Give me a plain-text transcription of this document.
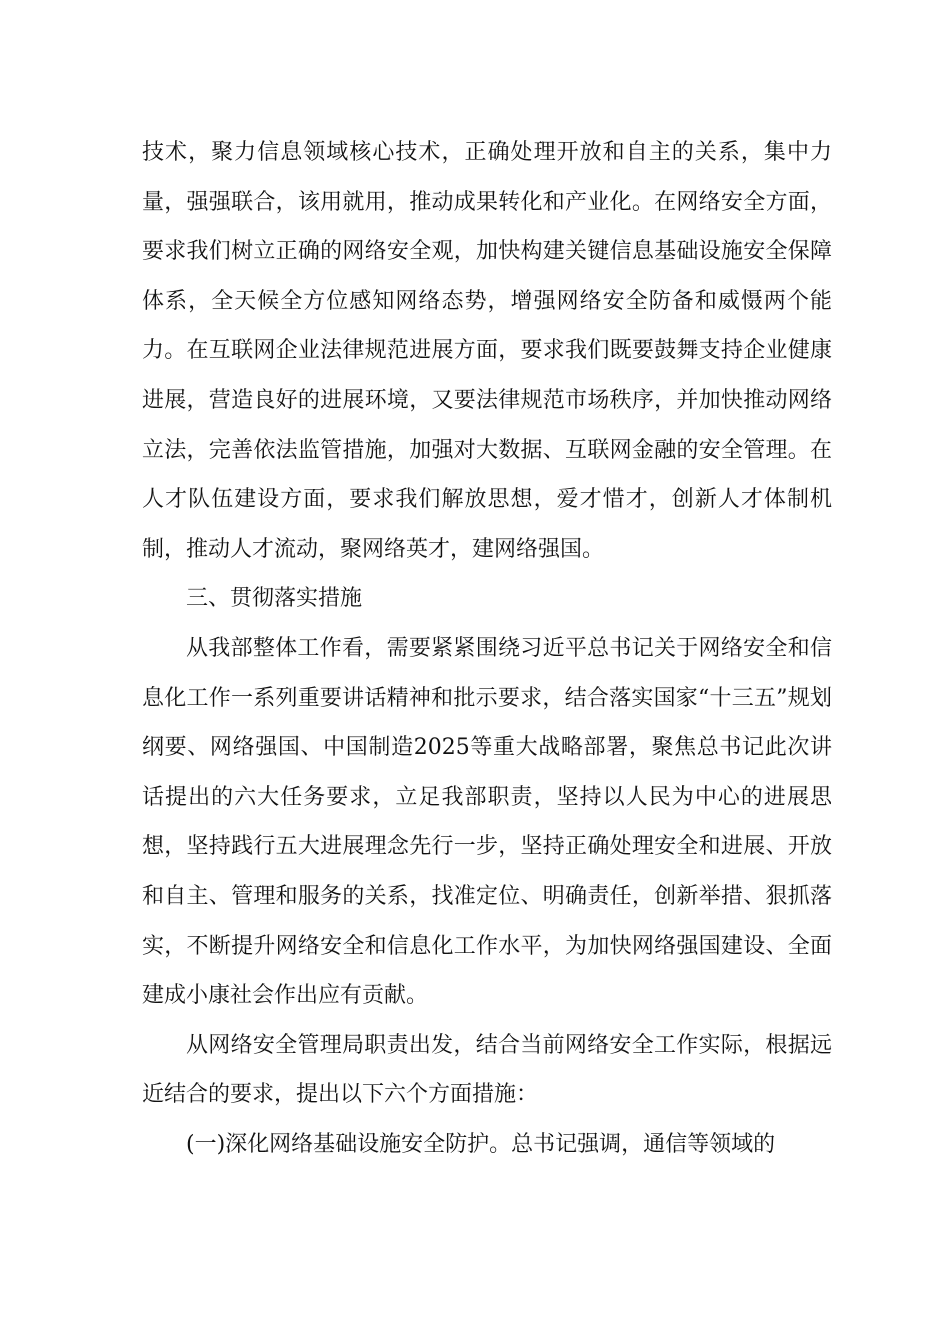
技术，聚力信息领域核心技术，正确处理开放和自主的关系，集中力量，强强联合，该用就用，推动成果转化和产业化。在网络安全方面，要求我们树立正确的网络安全观，加快构建关键信息基础设施安全保障体系，全天候全方位感知网络态势，增强网络安全防备和威慑两个能力。在互联网企业法律规范进展方面，要求我们既要鼓舞支持企业健康进展，营造良好的进展环境，又要法律规范市场秩序，并加快推动网络立法，完善依法监管措施，加强对大数据、互联网金融的安全管理。在人才队伍建设方面，要求我们解放思想，爱才惜才，创新人才体制机制，推动人才流动，聚网络英才，建网络强国。

三、贯彻落实措施

从我部整体工作看，需要紧紧围绕习近平总书记关于网络安全和信息化工作一系列重要讲话精神和批示要求，结合落实国家“十三五”规划纲要、网络强国、中国制造2025等重大战略部署，聚焦总书记此次讲话提出的六大任务要求，立足我部职责，坚持以人民为中心的进展思想，坚持践行五大进展理念先行一步，坚持正确处理安全和进展、开放和自主、管理和服务的关系，找准定位、明确责任，创新举措、狠抓落实，不断提升网络安全和信息化工作水平，为加快网络强国建设、全面建成小康社会作出应有贡献。

从网络安全管理局职责出发，结合当前网络安全工作实际，根据远近结合的要求，提出以下六个方面措施：

(一)深化网络基础设施安全防护。总书记强调，通信等领域的
